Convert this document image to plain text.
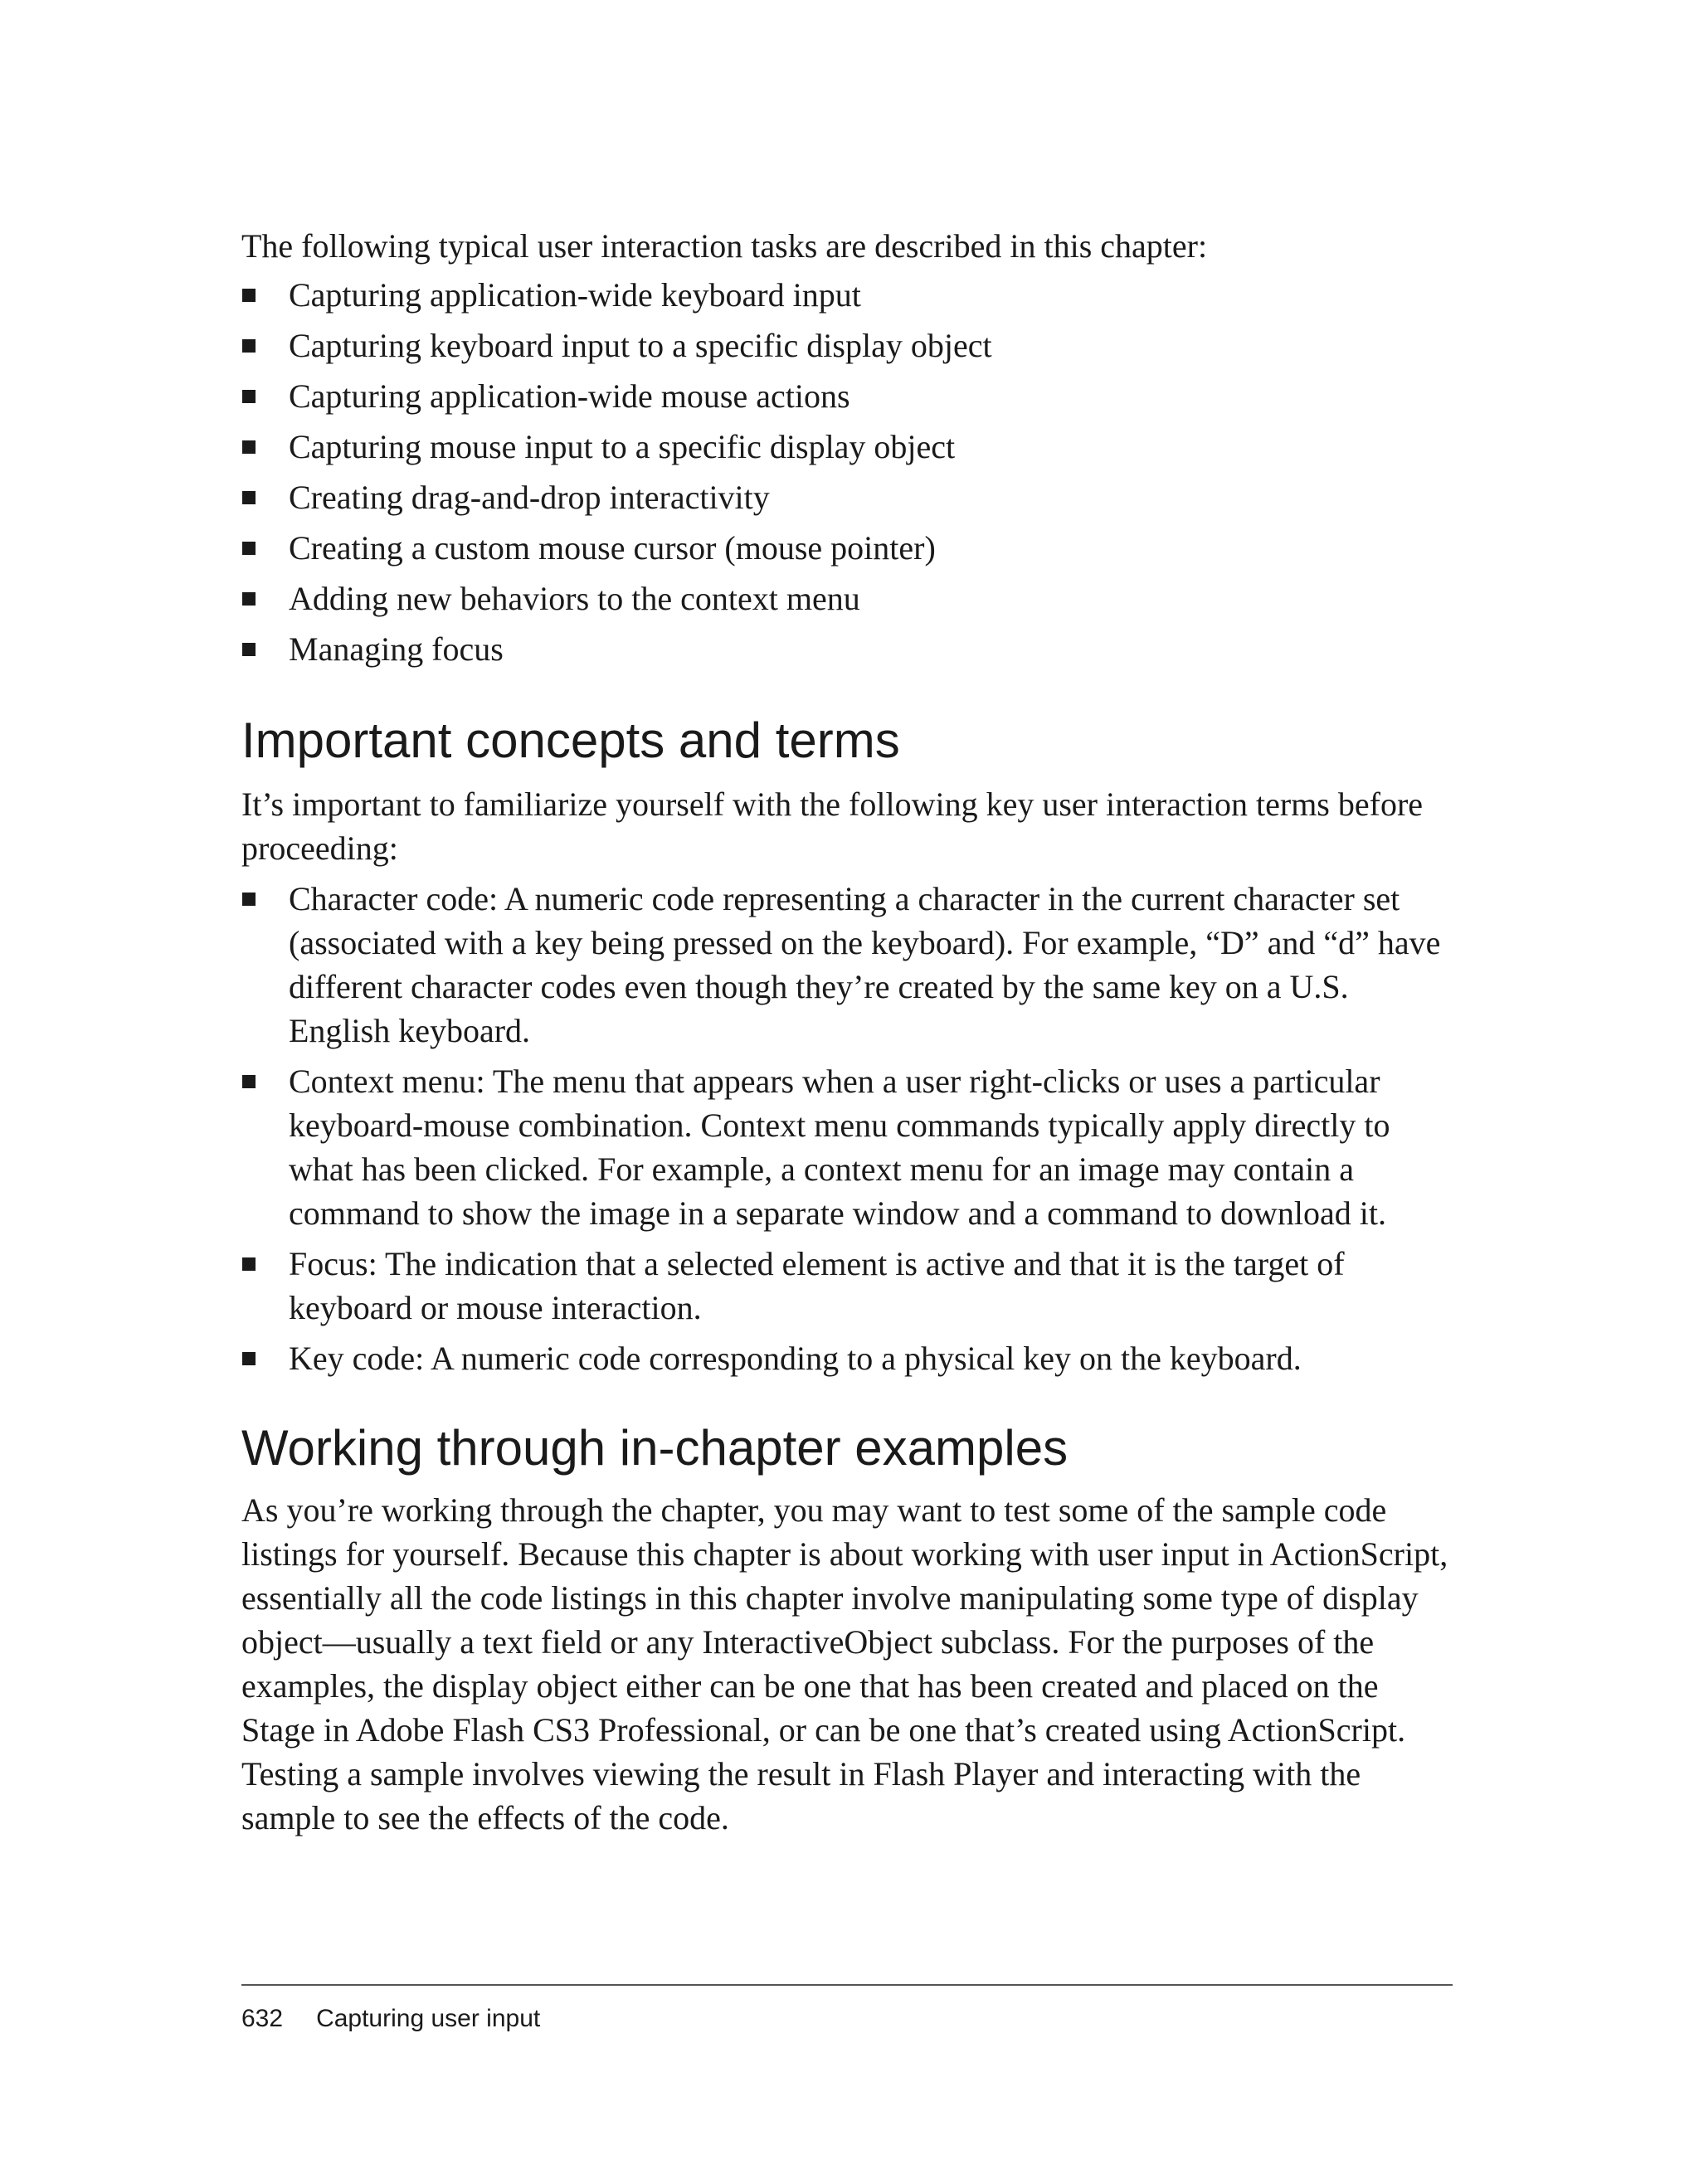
The following typical user interaction tasks are described in this chapter:

Capturing application-wide keyboard input
Capturing keyboard input to a specific display object
Capturing application-wide mouse actions
Capturing mouse input to a specific display object
Creating drag-and-drop interactivity
Creating a custom mouse cursor (mouse pointer)
Adding new behaviors to the context menu
Managing focus
Important concepts and terms

It’s important to familiarize yourself with the following key user interaction terms before proceeding:

Character code: A numeric code representing a character in the current character set (associated with a key being pressed on the keyboard). For example, “D” and “d” have different character codes even though they’re created by the same key on a U.S. English keyboard.
Context menu: The menu that appears when a user right-clicks or uses a particular keyboard-mouse combination. Context menu commands typically apply directly to what has been clicked. For example, a context menu for an image may contain a command to show the image in a separate window and a command to download it.
Focus: The indication that a selected element is active and that it is the target of keyboard or mouse interaction.
Key code: A numeric code corresponding to a physical key on the keyboard.
Working through in-chapter examples

As you’re working through the chapter, you may want to test some of the sample code listings for yourself. Because this chapter is about working with user input in ActionScript, essentially all the code listings in this chapter involve manipulating some type of display object—usually a text field or any InteractiveObject subclass. For the purposes of the examples, the display object either can be one that has been created and placed on the Stage in Adobe Flash CS3 Professional, or can be one that’s created using ActionScript. Testing a sample involves viewing the result in Flash Player and interacting with the sample to see the effects of the code.

632 Capturing user input
